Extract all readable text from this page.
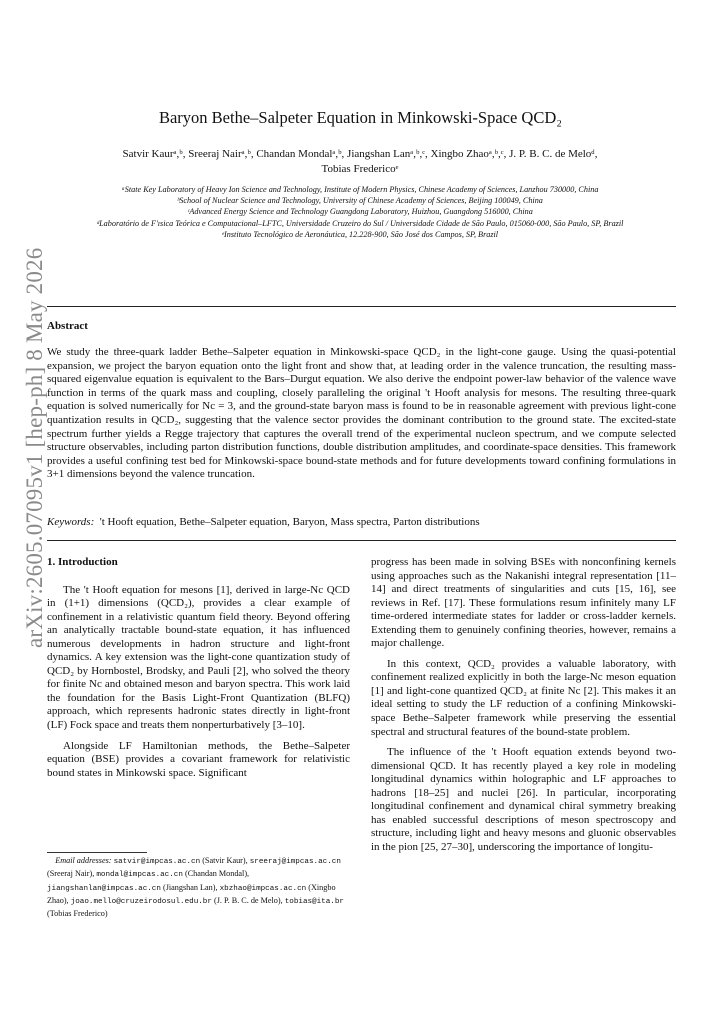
arXiv:2605.07095v1 [hep-ph] 8 May 2026
Baryon Bethe–Salpeter Equation in Minkowski-Space QCD₂
Satvir Kaurᵃ,ᵇ, Sreeraj Nairᵃ,ᵇ, Chandan Mondalᵃ,ᵇ, Jiangshan Lanᵃ,ᵇ,ᶜ, Xingbo Zhaoᵃ,ᵇ,ᶜ, J. P. B. C. de Meloᵈ,
Tobias Fredericoᵉ
ᵃState Key Laboratory of Heavy Ion Science and Technology, Institute of Modern Physics, Chinese Academy of Sciences, Lanzhou 730000, China
ᵇSchool of Nuclear Science and Technology, University of Chinese Academy of Sciences, Beijing 100049, China
ᶜAdvanced Energy Science and Technology Guangdong Laboratory, Huizhou, Guangdong 516000, China
ᵈLaboratório de F'ısica Teórica e Computacional–LFTC, Universidade Cruzeiro do Sul / Universidade Cidade de São Paulo, 015060-000, São Paulo, SP, Brazil
ᵉInstituto Tecnológico de Aeronáutica, 12.228-900, São José dos Campos, SP, Brazil
Abstract
We study the three-quark ladder Bethe–Salpeter equation in Minkowski-space QCD₂ in the light-cone gauge. Using the quasi-potential expansion, we project the baryon equation onto the light front and show that, at leading order in the valence truncation, the resulting mass-squared eigenvalue equation is equivalent to the Bars–Durgut equation. We also derive the endpoint power-law behavior of the valence wave function in terms of the quark mass and coupling, closely paralleling the original 't Hooft analysis for mesons. The resulting three-quark equation is solved numerically for Nc = 3, and the ground-state baryon mass is found to be in reasonable agreement with previous light-cone quantization results in QCD₂, suggesting that the valence sector provides the dominant contribution to the ground state. The excited-state spectrum further yields a Regge trajectory that captures the overall trend of the experimental nucleon spectrum, and we compute selected structure observables, including parton distribution functions, double distribution amplitudes, and coordinate-space densities. This framework provides a useful confining test bed for Minkowski-space bound-state methods and for future developments toward confining formulations in 3+1 dimensions beyond the valence truncation.
Keywords: 't Hooft equation, Bethe–Salpeter equation, Baryon, Mass spectra, Parton distributions
1. Introduction

The 't Hooft equation for mesons [1], derived in large-Nc QCD in (1+1) dimensions (QCD₂), provides a clear example of confinement in a relativistic quantum field theory. Beyond offering an analytically tractable bound-state equation, it has influenced numerous developments in hadron structure and light-front dynamics. A key extension was the light-cone quantization study of QCD₂ by Hornbostel, Brodsky, and Pauli [2], who solved the theory for finite Nc and obtained meson and baryon spectra. This work laid the foundation for the Basis Light-Front Quantization (BLFQ) approach, which represents hadronic states directly in light-front (LF) Fock space and treats them nonperturbatively [3–10].

Alongside LF Hamiltonian methods, the Bethe–Salpeter equation (BSE) provides a covariant framework for relativistic bound states in Minkowski space. Significant

progress has been made in solving BSEs with nonconfining kernels using approaches such as the Nakanishi integral representation [11–14] and direct treatments of singularities and cuts [15, 16], see reviews in Ref. [17]. These formulations resum infinitely many LF time-ordered intermediate states for ladder or cross-ladder kernels. Extending them to genuinely confining theories, however, remains a major challenge.

In this context, QCD₂ provides a valuable laboratory, with confinement realized explicitly in both the large-Nc meson equation [1] and light-cone quantized QCD₂ at finite Nc [2]. This makes it an ideal setting to study the LF reduction of a confining Minkowski-space Bethe–Salpeter framework while preserving the essential spectral and structural features of the bound-state problem.

The influence of the 't Hooft equation extends beyond two-dimensional QCD. It has recently played a key role in modeling longitudinal dynamics within holographic and LF approaches to hadrons [18–25] and nuclei [26]. In particular, incorporating longitudinal confinement and dynamical chiral symmetry breaking has enabled successful descriptions of meson spectroscopy and structure, including light and heavy mesons and gluonic observables in the pion [25, 27–30], underscoring the importance of longitu-

Email addresses: satvir@impcas.ac.cn (Satvir Kaur), sreeraj@impcas.ac.cn (Sreeraj Nair), mondal@impcas.ac.cn (Chandan Mondal), jiangshanlan@impcas.ac.cn (Jiangshan Lan), xbzhao@impcas.ac.cn (Xingbo Zhao), joao.mello@cruzeirodosul.edu.br (J. P. B. C. de Melo), tobias@ita.br (Tobias Frederico)
